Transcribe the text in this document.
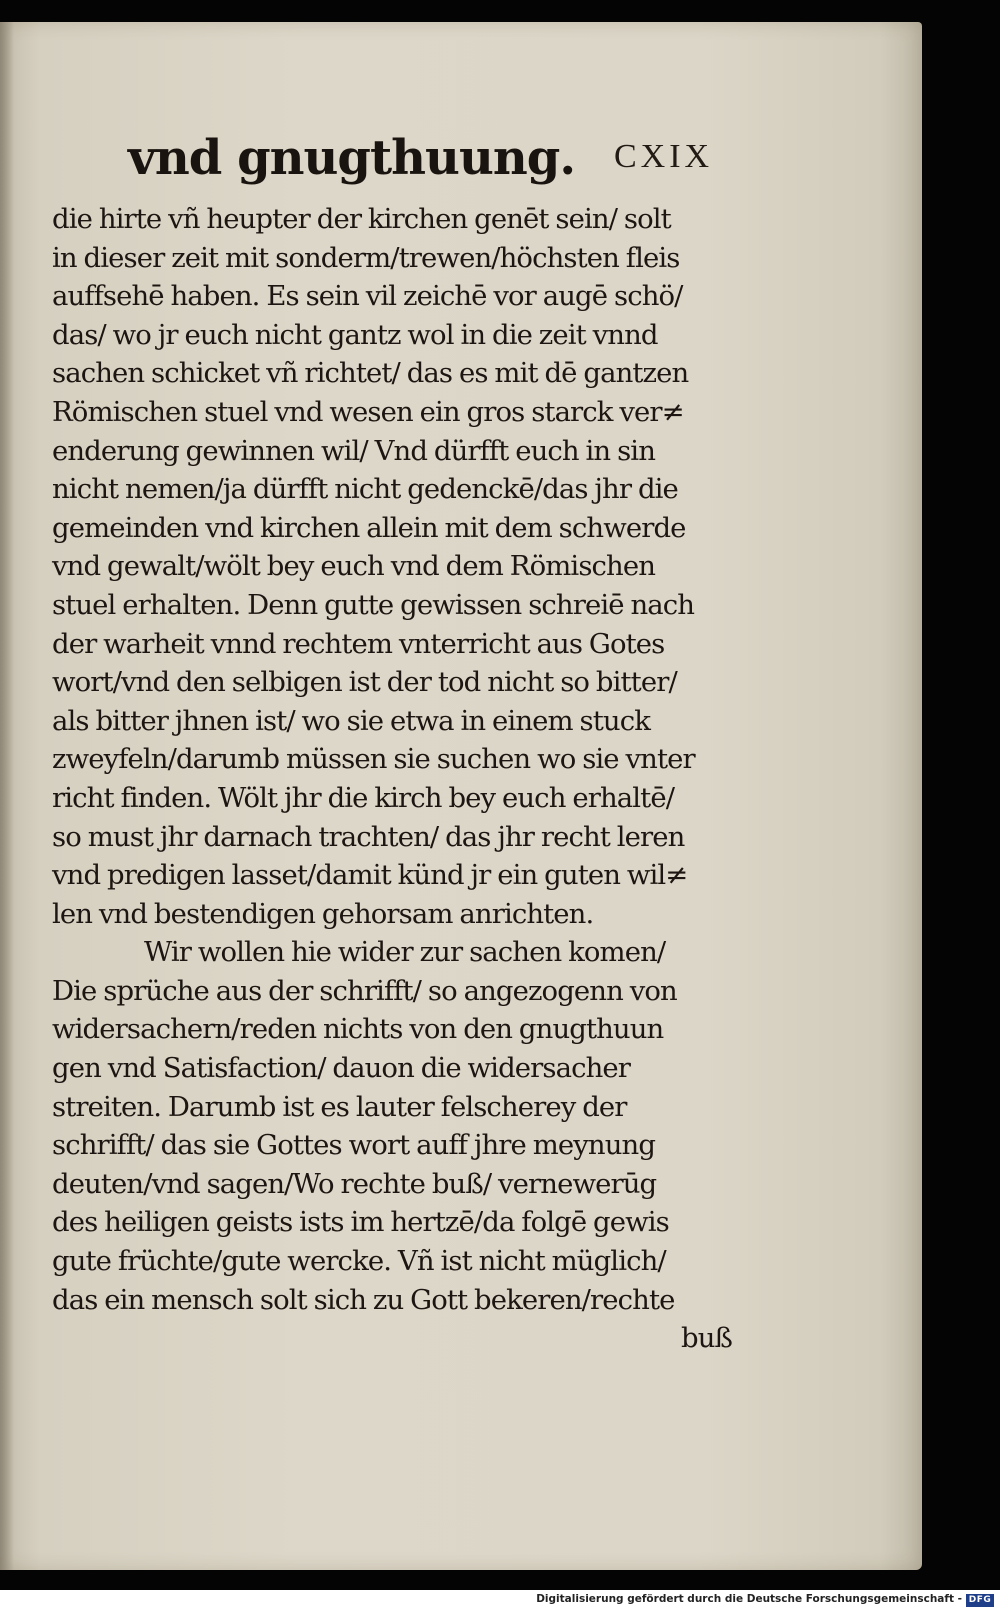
vnd gnugthuung. CXIX
die hirte vñ heupter der kirchen genēt sein/ solt
in dieser zeit mit sonderm/trewen/höchsten fleis
auffsehē haben. Es sein vil zeichē vor augē schö/
das/ wo jr euch nicht gantz wol in die zeit vnnd
sachen schicket vñ richtet/ das es mit dē gantzen
Römischen stuel vnd wesen ein gros starck ver≠
enderung gewinnen wil/ Vnd dürfft euch in sin
nicht nemen/ja dürfft nicht gedenckē/das jhr die
gemeinden vnd kirchen allein mit dem schwerde
vnd gewalt/wölt bey euch vnd dem Römischen
stuel erhalten. Denn gutte gewissen schreiē nach
der warheit vnnd rechtem vnterricht aus Gotes
wort/vnd den selbigen ist der tod nicht so bitter/
als bitter jhnen ist/ wo sie etwa in einem stuck
zweyfeln/darumb müssen sie suchen wo sie vnter
richt finden. Wölt jhr die kirch bey euch erhaltē/
so must jhr darnach trachten/ das jhr recht leren
vnd predigen lasset/damit künd jr ein guten wil≠
len vnd bestendigen gehorsam anrichten.
Wir wollen hie wider zur sachen komen/
Die sprüche aus der schrifft/ so angezogenn von
widersachern/reden nichts von den gnugthuun
gen vnd Satisfaction/ dauon die widersacher
streiten. Darumb ist es lauter felscherey der
schrifft/ das sie Gottes wort auff jhre meynung
deuten/vnd sagen/Wo rechte buß/ vernewerūg
des heiligen geists ists im hertzē/da folgē gewis
gute früchte/gute wercke. Vñ ist nicht müglich/
das ein mensch solt sich zu Gott bekeren/rechte
buß
Digitalisierung gefördert durch die Deutsche Forschungsgemeinschaft - DFG
